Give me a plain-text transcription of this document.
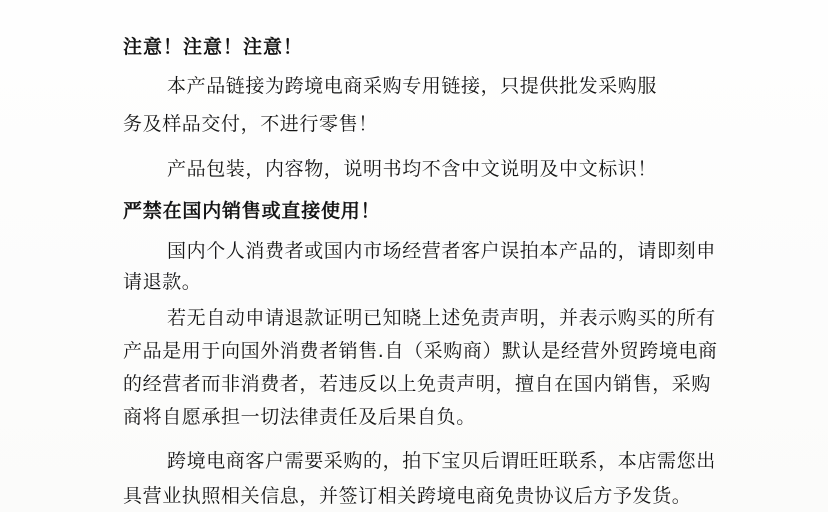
注意！注意！注意！
本产品链接为跨境电商采购专用链接，只提供批发采购服
务及样品交付，不进行零售！
产品包装，内容物，说明书均不含中文说明及中文标识！
严禁在国内销售或直接使用！
国内个人消费者或国内市场经营者客户误拍本产品的，请即刻申
请退款。
若无自动申请退款证明已知晓上述免责声明，并表示购买的所有
产品是用于向国外消费者销售.自（采购商）默认是经营外贸跨境电商
的经营者而非消费者，若违反以上免责声明，擅自在国内销售，采购
商将自愿承担一切法律责任及后果自负。
跨境电商客户需要采购的，拍下宝贝后谓旺旺联系，本店需您出
具营业执照相关信息，并签订相关跨境电商免贵协议后方予发货。
